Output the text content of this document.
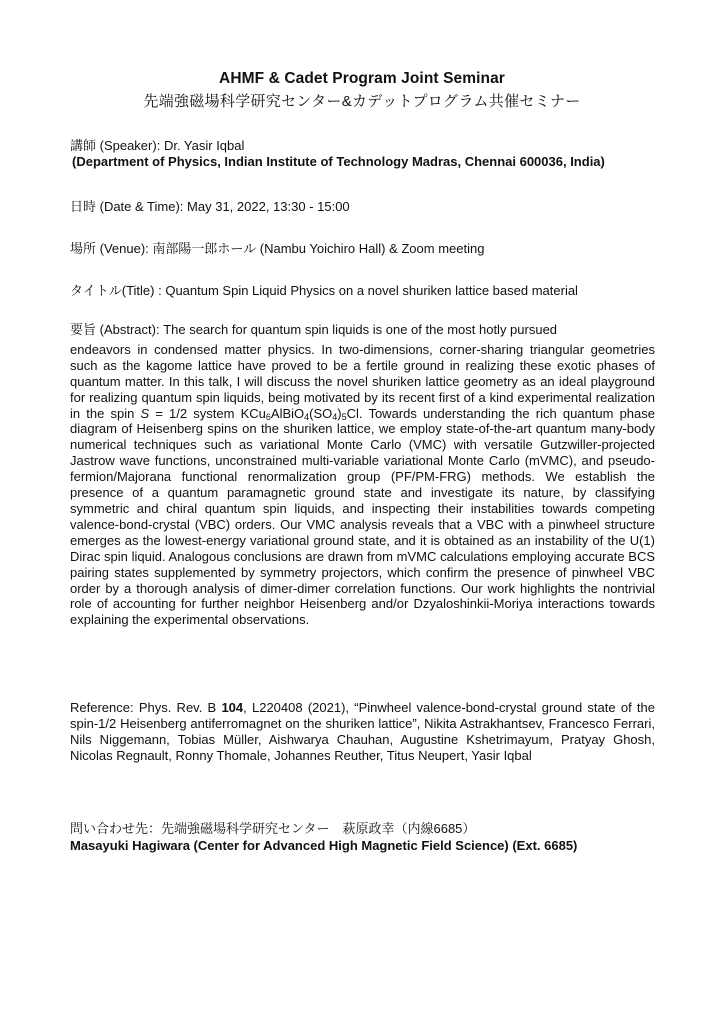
AHMF & Cadet Program Joint Seminar
先端強磁場科学研究センター&カデットプログラム共催セミナー
講師 (Speaker): Dr. Yasir Iqbal
(Department of Physics, Indian Institute of Technology Madras, Chennai 600036, India)
日時 (Date & Time): May 31, 2022, 13:30 - 15:00
場所 (Venue): 南部陽一郎ホール (Nambu Yoichiro Hall) & Zoom meeting
タイトル(Title) : Quantum Spin Liquid Physics on a novel shuriken lattice based material
要旨 (Abstract): The search for quantum spin liquids is one of the most hotly pursued
endeavors in condensed matter physics. In two-dimensions, corner-sharing triangular geometries such as the kagome lattice have proved to be a fertile ground in realizing these exotic phases of quantum matter. In this talk, I will discuss the novel shuriken lattice geometry as an ideal playground for realizing quantum spin liquids, being motivated by its recent first of a kind experimental realization in the spin S = 1/2 system $KCu_6AlBiO_4(SO_4)_5Cl$. Towards understanding the rich quantum phase diagram of Heisenberg spins on the shuriken lattice, we employ state-of-the-art quantum many-body numerical techniques such as variational Monte Carlo (VMC) with versatile Gutzwiller-projected Jastrow wave functions, unconstrained multi-variable variational Monte Carlo (mVMC), and pseudo-fermion/Majorana functional renormalization group (PF/PM-FRG) methods. We establish the presence of a quantum paramagnetic ground state and investigate its nature, by classifying symmetric and chiral quantum spin liquids, and inspecting their instabilities towards competing valence-bond-crystal (VBC) orders. Our VMC analysis reveals that a VBC with a pinwheel structure emerges as the lowest-energy variational ground state, and it is obtained as an instability of the U(1) Dirac spin liquid. Analogous conclusions are drawn from mVMC calculations employing accurate BCS pairing states supplemented by symmetry projectors, which confirm the presence of pinwheel VBC order by a thorough analysis of dimer-dimer correlation functions. Our work highlights the nontrivial role of accounting for further neighbor Heisenberg and/or Dzyaloshinkii-Moriya interactions towards explaining the experimental observations.
Reference: Phys. Rev. B 104, L220408 (2021), “Pinwheel valence-bond-crystal ground state of the spin-1/2 Heisenberg antiferromagnet on the shuriken lattice”, Nikita Astrakhantsev, Francesco Ferrari, Nils Niggemann, Tobias Müller, Aishwarya Chauhan, Augustine Kshetrimayum, Pratyay Ghosh, Nicolas Regnault, Ronny Thomale, Johannes Reuther, Titus Neupert, Yasir Iqbal
問い合わせ先：先端強磁場科学研究センター　萩原政幸（内線6685）
Masayuki Hagiwara (Center for Advanced High Magnetic Field Science) (Ext. 6685)
